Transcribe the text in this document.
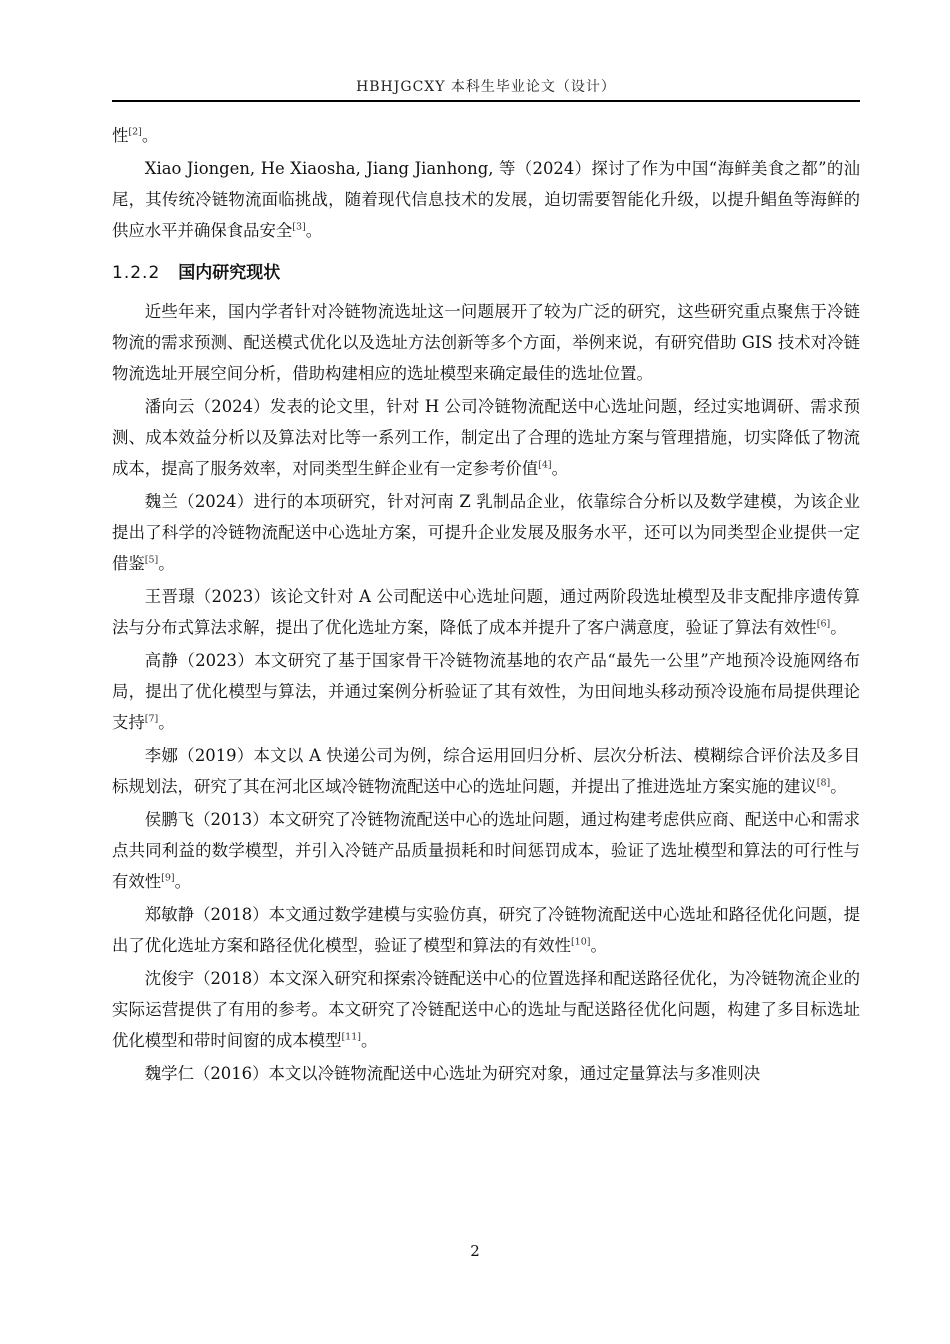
HBHJGCXY 本科生毕业论文（设计）

性[2]。

Xiao Jiongen, He Xiaosha, Jiang Jianhong, 等（2024）探讨了作为中国“海鲜美食之都”的汕尾，其传统冷链物流面临挑战，随着现代信息技术的发展，迫切需要智能化升级，以提升鲳鱼等海鲜的供应水平并确保食品安全[3]。

1.2.2 国内研究现状

近些年来，国内学者针对冷链物流选址这一问题展开了较为广泛的研究，这些研究重点聚焦于冷链物流的需求预测、配送模式优化以及选址方法创新等多个方面，举例来说，有研究借助 GIS 技术对冷链物流选址开展空间分析，借助构建相应的选址模型来确定最佳的选址位置。

潘向云（2024）发表的论文里，针对 H 公司冷链物流配送中心选址问题，经过实地调研、需求预测、成本效益分析以及算法对比等一系列工作，制定出了合理的选址方案与管理措施，切实降低了物流成本，提高了服务效率，对同类型生鲜企业有一定参考价值[4]。

魏兰（2024）进行的本项研究，针对河南 Z 乳制品企业，依靠综合分析以及数学建模，为该企业提出了科学的冷链物流配送中心选址方案，可提升企业发展及服务水平，还可以为同类型企业提供一定借鉴[5]。

王晋璟（2023）该论文针对 A 公司配送中心选址问题，通过两阶段选址模型及非支配排序遗传算法与分布式算法求解，提出了优化选址方案，降低了成本并提升了客户满意度，验证了算法有效性[6]。

高静（2023）本文研究了基于国家骨干冷链物流基地的农产品“最先一公里”产地预冷设施网络布局，提出了优化模型与算法，并通过案例分析验证了其有效性，为田间地头移动预冷设施布局提供理论支持[7]。

李娜（2019）本文以 A 快递公司为例，综合运用回归分析、层次分析法、模糊综合评价法及多目标规划法，研究了其在河北区域冷链物流配送中心的选址问题，并提出了推进选址方案实施的建议[8]。

侯鹏飞（2013）本文研究了冷链物流配送中心的选址问题，通过构建考虑供应商、配送中心和需求点共同利益的数学模型，并引入冷链产品质量损耗和时间惩罚成本，验证了选址模型和算法的可行性与有效性[9]。

郑敏静（2018）本文通过数学建模与实验仿真，研究了冷链物流配送中心选址和路径优化问题，提出了优化选址方案和路径优化模型，验证了模型和算法的有效性[10]。

沈俊宇（2018）本文深入研究和探索冷链配送中心的位置选择和配送路径优化，为冷链物流企业的实际运营提供了有用的参考。本文研究了冷链配送中心的选址与配送路径优化问题，构建了多目标选址优化模型和带时间窗的成本模型[11]。

魏学仁（2016）本文以冷链物流配送中心选址为研究对象，通过定量算法与多准则决

2
